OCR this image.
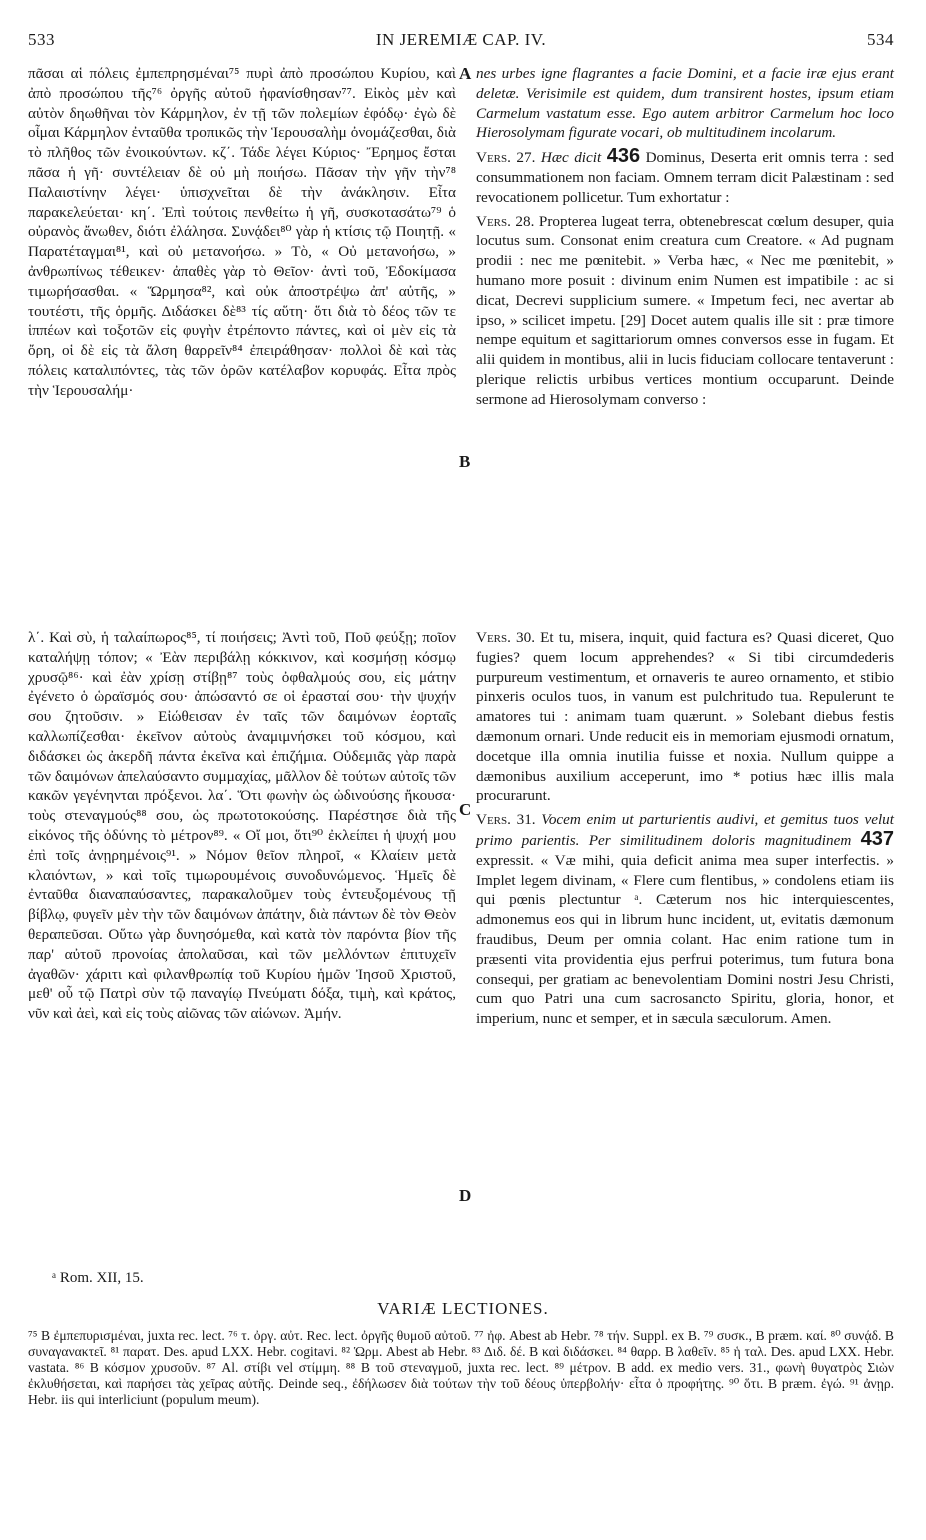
533	IN JEREMIÆ CAP. IV.	534

πᾶσαι αἱ πόλεις ἐμπεπρησμέναι⁷⁵ πυρὶ ἀπὸ προσώπου Κυρίου, καὶ ἀπὸ προσώπου τῆς⁷⁶ ὀργῆς αὐτοῦ ἠφανίσθησαν⁷⁷. Εἰκὸς μὲν καὶ αὐτὸν δηωθῆναι τὸν Κάρμηλον, ἐν τῇ τῶν πολεμίων ἐφόδῳ· ἐγὼ δὲ οἶμαι Κάρμηλον ἐνταῦθα τροπικῶς τὴν Ἱερουσαλὴμ ὀνομάζεσθαι, διὰ τὸ πλῆθος τῶν ἐνοικούντων. κζ΄. Τάδε λέγει Κύριος· Ἔρημος ἔσται πᾶσα ἡ γῆ· συντέλειαν δὲ οὐ μὴ ποιήσω. Πᾶσαν τὴν γῆν τὴν⁷⁸ Παλαιστίνην λέγει· ὑπισχνεῖται δὲ τὴν ἀνάκλησιν. Εἶτα παρακελεύεται· κη΄. Ἐπὶ τούτοις πενθείτω ἡ γῆ, συσκοτασάτω⁷⁹ ὁ οὐρανὸς ἄνωθεν, διότι ἐλάλησα. Συνᾴδει⁸⁰ γὰρ ἡ κτίσις τῷ Ποιητῇ. « Παρατέταγμαι⁸¹, καὶ οὐ μετανοήσω. » Τὸ, « Οὐ μετανοήσω, » ἀνθρωπίνως τέθεικεν· ἀπαθὲς γὰρ τὸ Θεῖον· ἀντὶ τοῦ, Ἐδοκίμασα τιμωρήσασθαι. « Ὥρμησα⁸², καὶ οὐκ ἀποστρέψω ἀπ' αὐτῆς, » τουτέστι, τῆς ὁρμῆς. Διδάσκει δὲ⁸³ τίς αὕτη· ὅτι διὰ τὸ δέος τῶν τε ἱππέων καὶ τοξοτῶν εἰς φυγὴν ἐτρέποντο πάντες, καὶ οἱ μὲν εἰς τὰ ὄρη, οἱ δὲ εἰς τὰ ἄλση θαρρεῖν⁸⁴ ἐπειράθησαν· πολλοὶ δὲ καὶ τὰς πόλεις καταλιπόντες, τὰς τῶν ὀρῶν κατέλαβον κορυφάς. Εἶτα πρὸς τὴν Ἱερουσαλήμ·

λ΄. Καὶ σὺ, ἡ ταλαίπωρος⁸⁵, τί ποιήσεις; Ἀντὶ τοῦ, Ποῦ φεύξῃ; ποῖον καταλήψῃ τόπον; « Ἐὰν περιβάλῃ κόκκινον, καὶ κοσμήσῃ κόσμῳ χρυσῷ⁸⁶· καὶ ἐὰν χρίσῃ στίβῃ⁸⁷ τοὺς ὀφθαλμούς σου, εἰς μάτην ἐγένετο ὁ ὡραϊσμός σου· ἀπώσαντό σε οἱ ἐρασταί σου· τὴν ψυχήν σου ζητοῦσιν. » Εἰώθεισαν ἐν ταῖς τῶν δαιμόνων ἑορταῖς καλλωπίζεσθαι· ἐκεῖνον αὐτοὺς ἀναμιμνήσκει τοῦ κόσμου, καὶ διδάσκει ὡς ἀκερδῆ πάντα ἐκεῖνα καὶ ἐπιζήμια. Οὐδεμιᾶς γὰρ παρὰ τῶν δαιμόνων ἀπελαύσαντο συμμαχίας, μᾶλλον δὲ τούτων αὐτοῖς τῶν κακῶν γεγένηνται πρόξενοι. λα΄. Ὅτι φωνὴν ὡς ὠδινούσης ἤκουσα· τοὺς στεναγμούς⁸⁸ σου, ὡς πρωτοτοκούσης. Παρέστησε διὰ τῆς εἰκόνος τῆς ὀδύνης τὸ μέτρον⁸⁹. « Οἴ μοι, ὅτι⁹⁰ ἐκλείπει ἡ ψυχή μου ἐπὶ τοῖς ἀνῃρημένοις⁹¹. » Νόμον θεῖον πληροῖ, « Κλαίειν μετὰ κλαιόντων, » καὶ τοῖς τιμωρουμένοις συνοδυνώμενος. Ἡμεῖς δὲ ἐνταῦθα διαναπαύσαντες, παρακαλοῦμεν τοὺς ἐντευξομένους τῇ βίβλῳ, φυγεῖν μὲν τὴν τῶν δαιμόνων ἀπάτην, διὰ πάντων δὲ τὸν Θεὸν θεραπεῦσαι. Οὕτω γὰρ δυνησόμεθα, καὶ κατὰ τὸν παρόντα βίον τῆς παρ' αὐτοῦ προνοίας ἀπολαῦσαι, καὶ τῶν μελλόντων ἐπιτυχεῖν ἀγαθῶν· χάριτι καὶ φιλανθρωπίᾳ τοῦ Κυρίου ἡμῶν Ἰησοῦ Χριστοῦ, μεθ' οὗ τῷ Πατρὶ σὺν τῷ παναγίῳ Πνεύματι δόξα, τιμὴ, καὶ κράτος, νῦν καὶ ἀεὶ, καὶ εἰς τοὺς αἰῶνας τῶν αἰώνων. Ἀμήν.

A
B
C
D

nes urbes igne flagrantes a facie Domini, et a facie iræ ejus erant deletæ. Verisimile est quidem, dum transirent hostes, ipsum etiam Carmelum vastatum esse. Ego autem arbitror Carmelum hoc loco Hierosolymam figurate vocari, ob multitudinem incolarum.

Vers. 27. Hæc dicit 436 Dominus, Deserta erit omnis terra : sed consummationem non faciam. Omnem terram dicit Palæstinam : sed revocationem pollicetur. Tum exhortatur :

Vers. 28. Propterea lugeat terra, obtenebrescat cœlum desuper, quia locutus sum. Consonat enim creatura cum Creatore. « Ad pugnam prodii : nec me pœnitebit. » Verba hæc, « Nec me pœnitebit, » humano more posuit : divinum enim Numen est impatibile : ac si dicat, Decrevi supplicium sumere. « Impetum feci, nec avertar ab ipso, » scilicet impetu. [29] Docet autem qualis ille sit : præ timore nempe equitum et sagittariorum omnes conversos esse in fugam. Et alii quidem in montibus, alii in lucis fiduciam collocare tentaverunt : plerique relictis urbibus vertices montium occuparunt. Deinde sermone ad Hierosolymam converso :

Vers. 30. Et tu, misera, inquit, quid factura es? Quasi diceret, Quo fugies? quem locum apprehendes? « Si tibi circumdederis purpureum vestimentum, et ornaveris te aureo ornamento, et stibio pinxeris oculos tuos, in vanum est pulchritudo tua. Repulerunt te amatores tui : animam tuam quærunt. » Solebant diebus festis dæmonum ornari. Unde reducit eis in memoriam ejusmodi ornatum, docetque illa omnia inutilia fuisse et noxia. Nullum quippe a dæmonibus auxilium acceperunt, imo * potius hæc illis mala procurarunt.

Vers. 31. Vocem enim ut parturientis audivi, et gemitus tuos velut primo parientis. Per similitudinem doloris magnitudinem 437 expressit. « Væ mihi, quia deficit anima mea super interfectis. » Implet legem divinam, « Flere cum flentibus, » condolens etiam iis qui pœnis plectuntur ᵃ. Cæterum nos hic interquiescentes, admonemus eos qui in librum hunc incident, ut, evitatis dæmonum fraudibus, Deum per omnia colant. Hac enim ratione tum in præsenti vita providentia ejus perfrui poterimus, tum futura bona consequi, per gratiam ac benevolentiam Domini nostri Jesu Christi, cum quo Patri una cum sacrosancto Spiritu, gloria, honor, et imperium, nunc et semper, et in sæcula sæculorum. Amen.

ᵃ Rom. XII, 15.
VARIÆ LECTIONES.
⁷⁵ B ἐμπεπυρισμέναι, juxta rec. lect. ⁷⁶ τ. ὀργ. αὐτ. Rec. lect. ὀργῆς θυμοῦ αὐτοῦ. ⁷⁷ ἠφ. Abest ab Hebr. ⁷⁸ τήν. Suppl. ex B. ⁷⁹ συσκ., B præm. καί. ⁸⁰ συνᾴδ. B συναγανακτεῖ. ⁸¹ παρατ. Des. apud LXX. Hebr. cogitavi. ⁸² Ὡρμ. Abest ab Hebr. ⁸³ Διδ. δέ. B καὶ διδάσκει. ⁸⁴ θαρρ. B λαθεῖν. ⁸⁵ ἡ ταλ. Des. apud LXX. Hebr. vastata. ⁸⁶ B κόσμον χρυσοῦν. ⁸⁷ Al. στίβι vel στίμμη. ⁸⁸ B τοῦ στεναγμοῦ, juxta rec. lect. ⁸⁹ μέτρον. B add. ex medio vers. 31., φωνὴ θυγατρὸς Σιὼν ἐκλυθήσεται, καὶ παρήσει τὰς χεῖρας αὐτῆς. Deinde seq., ἐδήλωσεν διὰ τούτων τὴν τοῦ δέους ὑπερβολήν· εἶτα ὁ προφήτης. ⁹⁰ ὅτι. B præm. ἐγώ. ⁹¹ ἀνῃρ. Hebr. iis qui interliciunt (populum meum).
